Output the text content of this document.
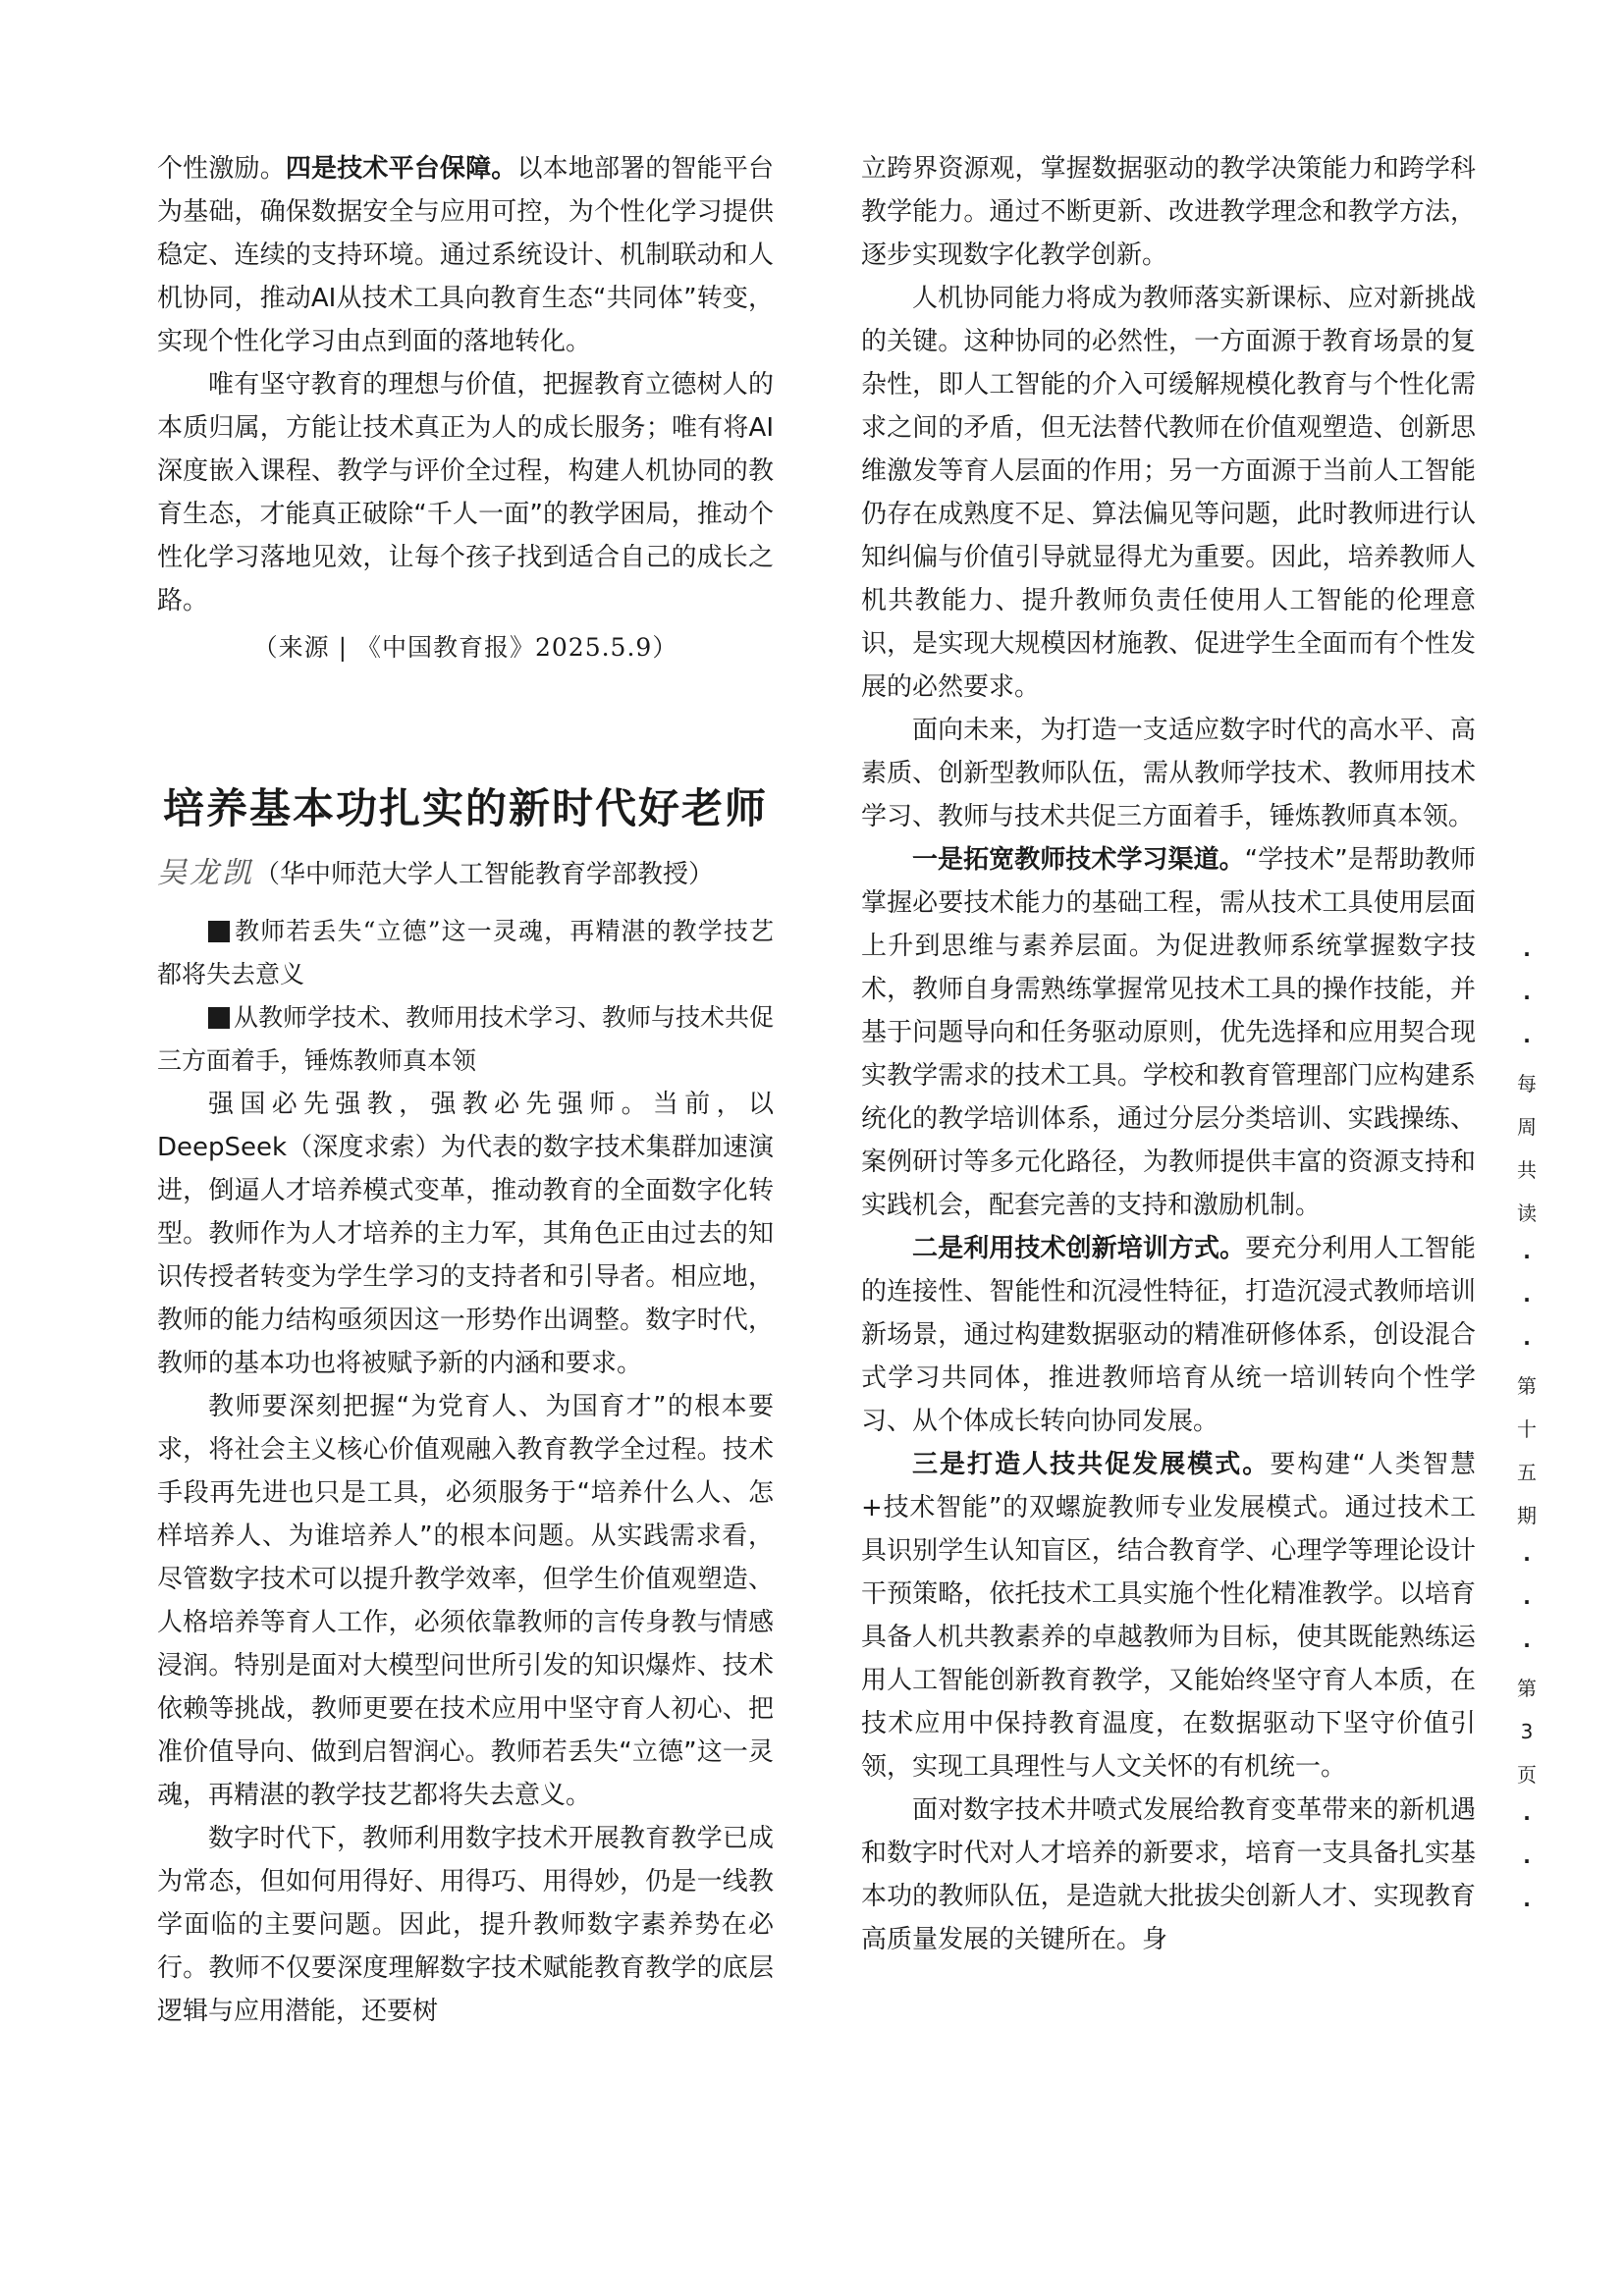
个性激励。四是技术平台保障。以本地部署的智能平台为基础，确保数据安全与应用可控，为个性化学习提供稳定、连续的支持环境。通过系统设计、机制联动和人机协同，推动AI从技术工具向教育生态“共同体”转变，实现个性化学习由点到面的落地转化。

唯有坚守教育的理想与价值，把握教育立德树人的本质归属，方能让技术真正为人的成长服务；唯有将AI深度嵌入课程、教学与评价全过程，构建人机协同的教育生态，才能真正破除“千人一面”的教学困局，推动个性化学习落地见效，让每个孩子找到适合自己的成长之路。

（来源 | 《中国教育报》2025.5.9）

培养基本功扎实的新时代好老师
吴龙凯（华中师范大学人工智能教育学部教授）

教师若丢失“立德”这一灵魂，再精湛的教学技艺都将失去意义

从教师学技术、教师用技术学习、教师与技术共促三方面着手，锤炼教师真本领

强国必先强教，强教必先强师。当前，以DeepSeek（深度求索）为代表的数字技术集群加速演进，倒逼人才培养模式变革，推动教育的全面数字化转型。教师作为人才培养的主力军，其角色正由过去的知识传授者转变为学生学习的支持者和引导者。相应地，教师的能力结构亟须因这一形势作出调整。数字时代，教师的基本功也将被赋予新的内涵和要求。

教师要深刻把握“为党育人、为国育才”的根本要求，将社会主义核心价值观融入教育教学全过程。技术手段再先进也只是工具，必须服务于“培养什么人、怎样培养人、为谁培养人”的根本问题。从实践需求看，尽管数字技术可以提升教学效率，但学生价值观塑造、人格培养等育人工作，必须依靠教师的言传身教与情感浸润。特别是面对大模型问世所引发的知识爆炸、技术依赖等挑战，教师更要在技术应用中坚守育人初心、把准价值导向、做到启智润心。教师若丢失“立德”这一灵魂，再精湛的教学技艺都将失去意义。

数字时代下，教师利用数字技术开展教育教学已成为常态，但如何用得好、用得巧、用得妙，仍是一线教学面临的主要问题。因此，提升教师数字素养势在必行。教师不仅要深度理解数字技术赋能教育教学的底层逻辑与应用潜能，还要树

立跨界资源观，掌握数据驱动的教学决策能力和跨学科教学能力。通过不断更新、改进教学理念和教学方法，逐步实现数字化教学创新。

人机协同能力将成为教师落实新课标、应对新挑战的关键。这种协同的必然性，一方面源于教育场景的复杂性，即人工智能的介入可缓解规模化教育与个性化需求之间的矛盾，但无法替代教师在价值观塑造、创新思维激发等育人层面的作用；另一方面源于当前人工智能仍存在成熟度不足、算法偏见等问题，此时教师进行认知纠偏与价值引导就显得尤为重要。因此，培养教师人机共教能力、提升教师负责任使用人工智能的伦理意识，是实现大规模因材施教、促进学生全面而有个性发展的必然要求。

面向未来，为打造一支适应数字时代的高水平、高素质、创新型教师队伍，需从教师学技术、教师用技术学习、教师与技术共促三方面着手，锤炼教师真本领。

一是拓宽教师技术学习渠道。“学技术”是帮助教师掌握必要技术能力的基础工程，需从技术工具使用层面上升到思维与素养层面。为促进教师系统掌握数字技术，教师自身需熟练掌握常见技术工具的操作技能，并基于问题导向和任务驱动原则，优先选择和应用契合现实教学需求的技术工具。学校和教育管理部门应构建系统化的教学培训体系，通过分层分类培训、实践操练、案例研讨等多元化路径，为教师提供丰富的资源支持和实践机会，配套完善的支持和激励机制。

二是利用技术创新培训方式。要充分利用人工智能的连接性、智能性和沉浸性特征，打造沉浸式教师培训新场景，通过构建数据驱动的精准研修体系，创设混合式学习共同体，推进教师培育从统一培训转向个性学习、从个体成长转向协同发展。

三是打造人技共促发展模式。要构建“人类智慧+技术智能”的双螺旋教师专业发展模式。通过技术工具识别学生认知盲区，结合教育学、心理学等理论设计干预策略，依托技术工具实施个性化精准教学。以培育具备人机共教素养的卓越教师为目标，使其既能熟练运用人工智能创新教育教学，又能始终坚守育人本质，在技术应用中保持教育温度，在数据驱动下坚守价值引领，实现工具理性与人文关怀的有机统一。

面对数字技术井喷式发展给教育变革带来的新机遇和数字时代对人才培养的新要求，培育一支具备扎实基本功的教师队伍，是造就大批拔尖创新人才、实现教育高质量发展的关键所在。身

·
·
·
每
周
共
读
·
·
·
第
十
五
期
·
·
·
第
3
页
·
·
·
